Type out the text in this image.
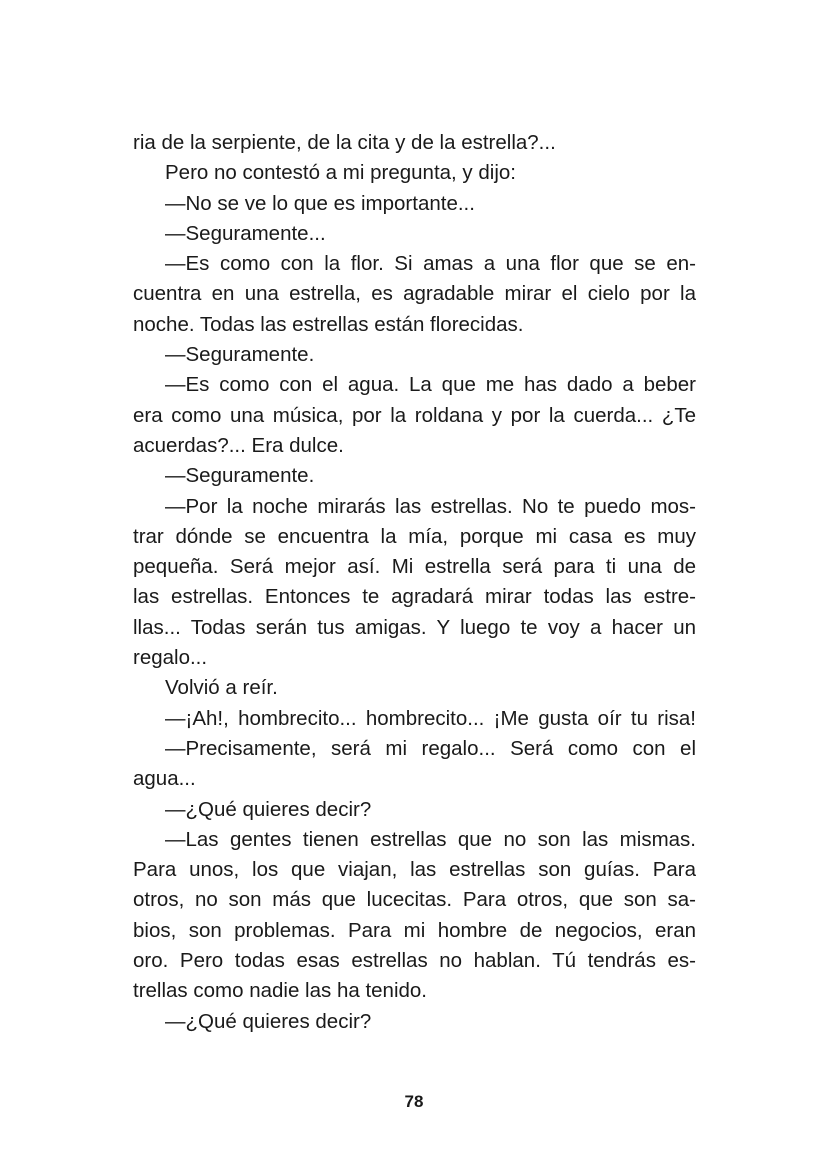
ria de la serpiente, de la cita y de la estrella?...
Pero no contestó a mi pregunta, y dijo:
—No se ve lo que es importante...
—Seguramente...
—Es como con la flor. Si amas a una flor que se en-
cuentra en una estrella, es agradable mirar el cielo por la
noche. Todas las estrellas están florecidas.
—Seguramente.
—Es como con el agua. La que me has dado a beber
era como una música, por la roldana y por la cuerda... ¿Te
acuerdas?... Era dulce.
—Seguramente.
—Por la noche mirarás las estrellas. No te puedo mos-
trar dónde se encuentra la mía, porque mi casa es muy
pequeña. Será mejor así. Mi estrella será para ti una de
las estrellas. Entonces te agradará mirar todas las estre-
llas... Todas serán tus amigas. Y luego te voy a hacer un
regalo...
Volvió a reír.
—¡Ah!, hombrecito... hombrecito... ¡Me gusta oír tu risa!
—Precisamente, será mi regalo... Será como con el
agua...
—¿Qué quieres decir?
—Las gentes tienen estrellas que no son las mismas.
Para unos, los que viajan, las estrellas son guías. Para
otros, no son más que lucecitas. Para otros, que son sa-
bios, son problemas. Para mi hombre de negocios, eran
oro. Pero todas esas estrellas no hablan. Tú tendrás es-
trellas como nadie las ha tenido.
—¿Qué quieres decir?
78
